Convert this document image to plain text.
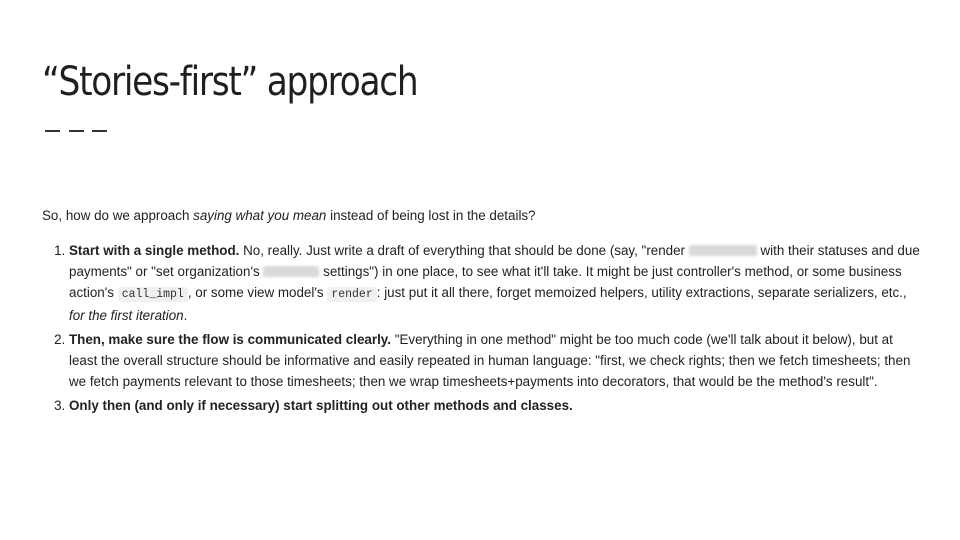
“Stories-first” approach

So, how do we approach saying what you mean instead of being lost in the details?

1. Start with a single method. No, really. Just write a draft of everything that should be done (say, "render	with their statuses and due payments" or "set organization's	settings") in one place, to see what it'll take. It might be just controller's method, or some business action's call_impl , or some view model's render : just put it all there, forget memoized helpers, utility extractions, separate serializers, etc., for the first iteration.
2. Then, make sure the flow is communicated clearly. "Everything in one method" might be too much code (we'll talk about it below), but at least the overall structure should be informative and easily repeated in human language: "first, we check rights; then we fetch timesheets; then we fetch payments relevant to those timesheets; then we wrap timesheets+payments into decorators, that would be the method's result".
3. Only then (and only if necessary) start splitting out other methods and classes.
